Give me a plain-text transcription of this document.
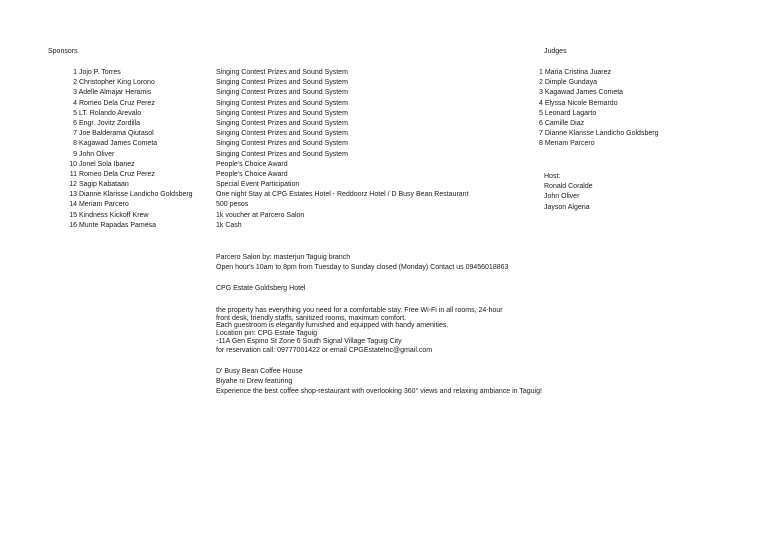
Sponsors	Judges
1 Jojo P. Torres
2 Christopher King Lorono
3 Adelle Almajar Heramis
4 Romeo Dela Cruz Perez
5 LT. Rolando Arevalo
6 Engr. Jovitz Zordilla
7 Joe Balderama Qiutasol
8 Kagawad James Cometa
9 John Oliver
10 Jonel Sola Ibanez
11 Romeo Dela Cruz Perez
12 Sagip Kabataan
13 Dianne Klarisse Landicho Goldsberg
14 Meriam Parcero
15 Kindness Kickoff Krew
16 Munte Rapadas Pamesa
Singing Contest Prizes and Sound System
Singing Contest Prizes and Sound System
Singing Contest Prizes and Sound System
Singing Contest Prizes and Sound System
Singing Contest Prizes and Sound System
Singing Contest Prizes and Sound System
Singing Contest Prizes and Sound System
Singing Contest Prizes and Sound System
Singing Contest Prizes and Sound System
People's Choice Award
People's Choice Award
Special Event Participation
One night Stay at CPG Estates Hotel - Reddoorz Hotel / D Busy Bean Restaurant
500 pesos
1k voucher at Parcero Salon
1k Cash
1 Maria Cristina Juarez
2 Dimple Gundaya
3 Kagawad James Cometa
4 Elyssa Nicole Bernardo
5 Leonard Lagarto
6 Camille Diaz
7 Dianne Klarisse Landicho Goldsberg
8 Meriam Parcero
Host:
Ronald Coralde
John Oliver
Jayson Algeria
Parcero Salon by: masterjun Taguig branch
Open hour's 10am to 8pm from Tuesday to Sunday closed (Monday) Contact us 09456018863
CPG Estate Goldsberg Hotel
the property has everything you need for a comfortable stay. Free Wi-Fi in all rooms, 24-hour
front desk, friendly staffs, sanitized rooms, maximum comfort.
Each guestroom is elegantly furnished and equipped with handy amenities.
Location pin: CPG Estate Taguig
-11A Gen Espino St Zone 6 South Signal Village Taguig City
for reservation call: 09777001422 or email CPGEstateInc@gmail.com
D' Busy Bean Coffee House
Biyahe ni Drew featuring
Experience the best coffee shop-restaurant with overlooking 360° views and relaxing ambiance in Taguig!
